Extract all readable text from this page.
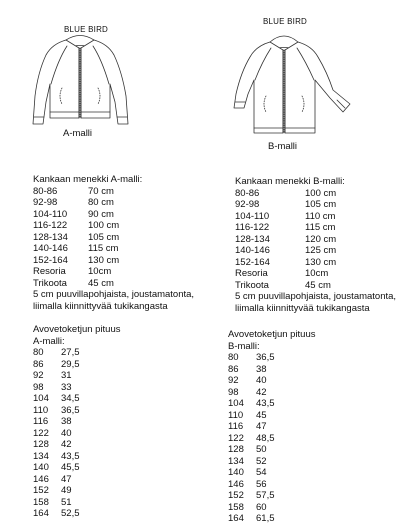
BLUE BIRD
A-malli
BLUE BIRD
B-malli
Kankaan menekki A-malli:
80-86	70 cm
92-98	80 cm
104-110 90 cm
116-122 100 cm
128-134 105 cm
140-146 115 cm
152-164 130 cm
Resoria 10cm
Trikoota 45 cm
5 cm puuvillapohjaista, joustamatonta,
liimalla kiinnittyvää tukikangasta
Kankaan menekki B-malli:
80-86	100 cm
92-98	105 cm
104-110	110 cm
116-122	115 cm
128-134	120 cm
140-146	125 cm
152-164	130 cm
Resoria	10cm
Trikoota	45 cm
5 cm puuvillapohjaista, joustamatonta,
liimalla kiinnittyvää tukikangasta
Avovetoketjun pituus
A-malli:
80 27,5
86 29,5
92 31
98 33
104 34,5
110 36,5
116 38
122 40
128 42
134 43,5
140 45,5
146 47
152 49
158 51
164 52,5
Avovetoketjun pituus
B-malli:
80 36,5
86 38
92 40
98 42
104 43,5
110 45
116 47
122 48,5
128 50
134 52
140 54
146 56
152 57,5
158 60
164 61,5
